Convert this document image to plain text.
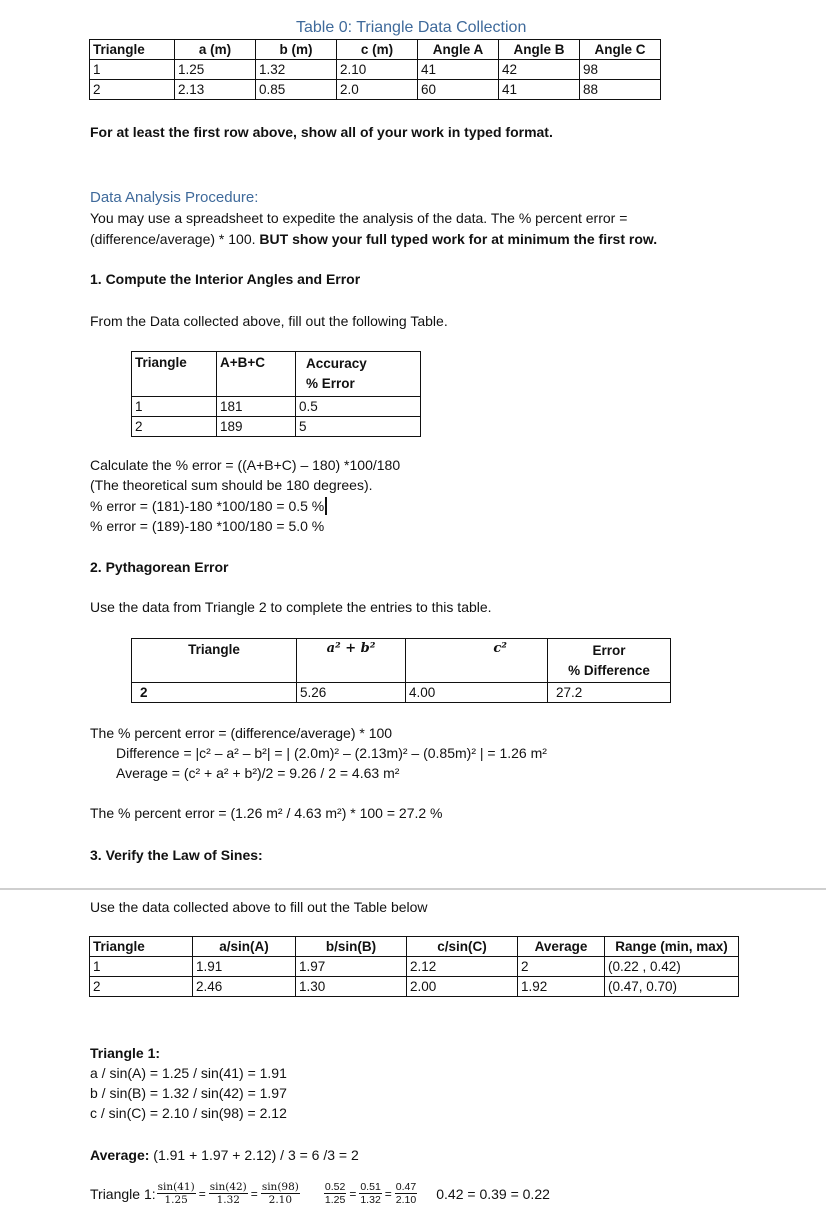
Table 0: Triangle Data Collection
Triangle	a (m)	b (m)	c (m)	Angle A	Angle B	Angle C
1	1.25	1.32	2.10	41	42	98
2	2.13	0.85	2.0	60	41	88
For at least the first row above, show all of your work in typed format.
Data Analysis Procedure:
You may use a spreadsheet to expedite the analysis of the data. The % percent error =
(difference/average) * 100. BUT show your full typed work for at minimum the first row.
1. Compute the Interior Angles and Error
From the Data collected above, fill out the following Table.
Triangle	A+B+C	Accuracy
% Error
1	181	0.5
2	189	5
Calculate the % error = ((A+B+C) – 180) *100/180
(The theoretical sum should be 180 degrees).
% error = (181)-180 *100/180 = 0.5 %
% error = (189)-180 *100/180 = 5.0 %
2. Pythagorean Error
Use the data from Triangle 2 to complete the entries to this table.
Triangle	a² + b²	c²	Error
% Difference
2	5.26	4.00	27.2
The % percent error = (difference/average) * 100
Difference = |c² – a² – b²| = | (2.0m)² – (2.13m)² – (0.85m)² | = 1.26 m²
Average = (c² + a² + b²)/2 = 9.26 / 2 = 4.63 m²
The % percent error = (1.26 m² / 4.63 m²) * 100 = 27.2 %
3. Verify the Law of Sines:
Use the data collected above to fill out the Table below
Triangle	a/sin(A)	b/sin(B)	c/sin(C)	Average	Range (min, max)
1	1.91	1.97	2.12	2	(0.22 , 0.42)
2	2.46	1.30	2.00	1.92	(0.47, 0.70)
Triangle 1:
a / sin(A) = 1.25 / sin(41) = 1.91
b / sin(B) = 1.32 / sin(42) = 1.97
c / sin(C) = 2.10 / sin(98) = 2.12
Average: (1.91 + 1.97 + 2.12) / 3 = 6 /3 = 2
Triangle 1: $\frac{\sin(41)}{1.25} = \frac{\sin(42)}{1.32} = \frac{\sin(98)}{2.10} \frac{0.52}{1.25} = \frac{0.51}{1.32} = \frac{0.47}{2.10} 0.42 = 0.39 = 0.22$
